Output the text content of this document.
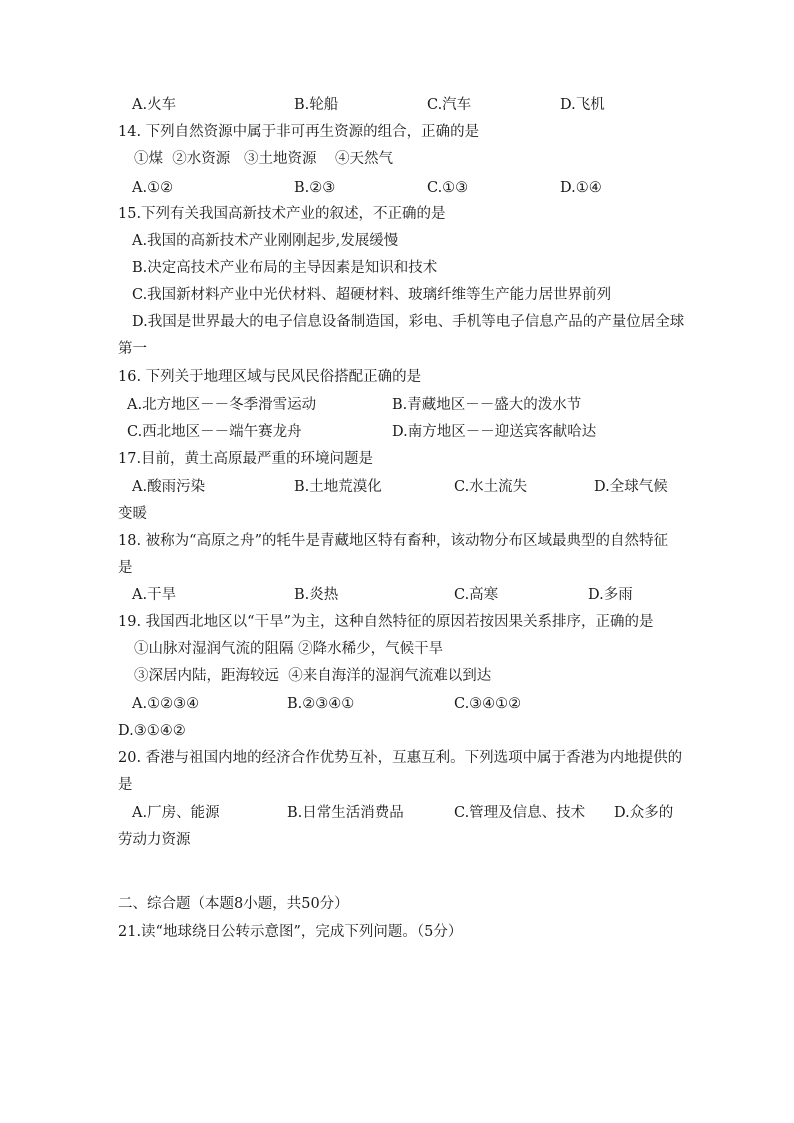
A.火车	B.轮船	C.汽车	D.飞机
14. 下列自然资源中属于非可再生资源的组合，正确的是
①煤  ②水资源   ③土地资源    ④天然气
A.①②	B.②③	C.①③	D.①④
15.下列有关我国高新技术产业的叙述，不正确的是
A.我国的高新技术产业刚刚起步,发展缓慢
B.决定高技术产业布局的主导因素是知识和技术
C.我国新材料产业中光伏材料、超硬材料、玻璃纤维等生产能力居世界前列
D.我国是世界最大的电子信息设备制造国，彩电、手机等电子信息产品的产量位居全球
第一
16. 下列关于地理区域与民风民俗搭配正确的是
A.北方地区－－冬季滑雪运动	B.青藏地区－－盛大的泼水节
C.西北地区－－端午赛龙舟	D.南方地区－－迎送宾客献哈达
17.目前，黄土高原最严重的环境问题是
A.酸雨污染	B.土地荒漠化	C.水土流失	D.全球气候
变暖
18. 被称为“高原之舟”的牦牛是青藏地区特有畜种，该动物分布区域最典型的自然特征
是
A.干旱	B.炎热	C.高寒	D.多雨
19. 我国西北地区以“干旱”为主，这种自然特征的原因若按因果关系排序，正确的是
①山脉对湿润气流的阻隔 ②降水稀少，气候干旱
③深居内陆，距海较远  ④来自海洋的湿润气流难以到达
A.①②③④	B.②③④①	C.③④①②
D.③①④②
20. 香港与祖国内地的经济合作优势互补，互惠互利。下列选项中属于香港为内地提供的
是
A.厂房、能源	B.日常生活消费品	C.管理及信息、技术 D.众多的
劳动力资源
二、综合题（本题8小题，共50分）
21.读“地球绕日公转示意图”，完成下列问题。（5分）
